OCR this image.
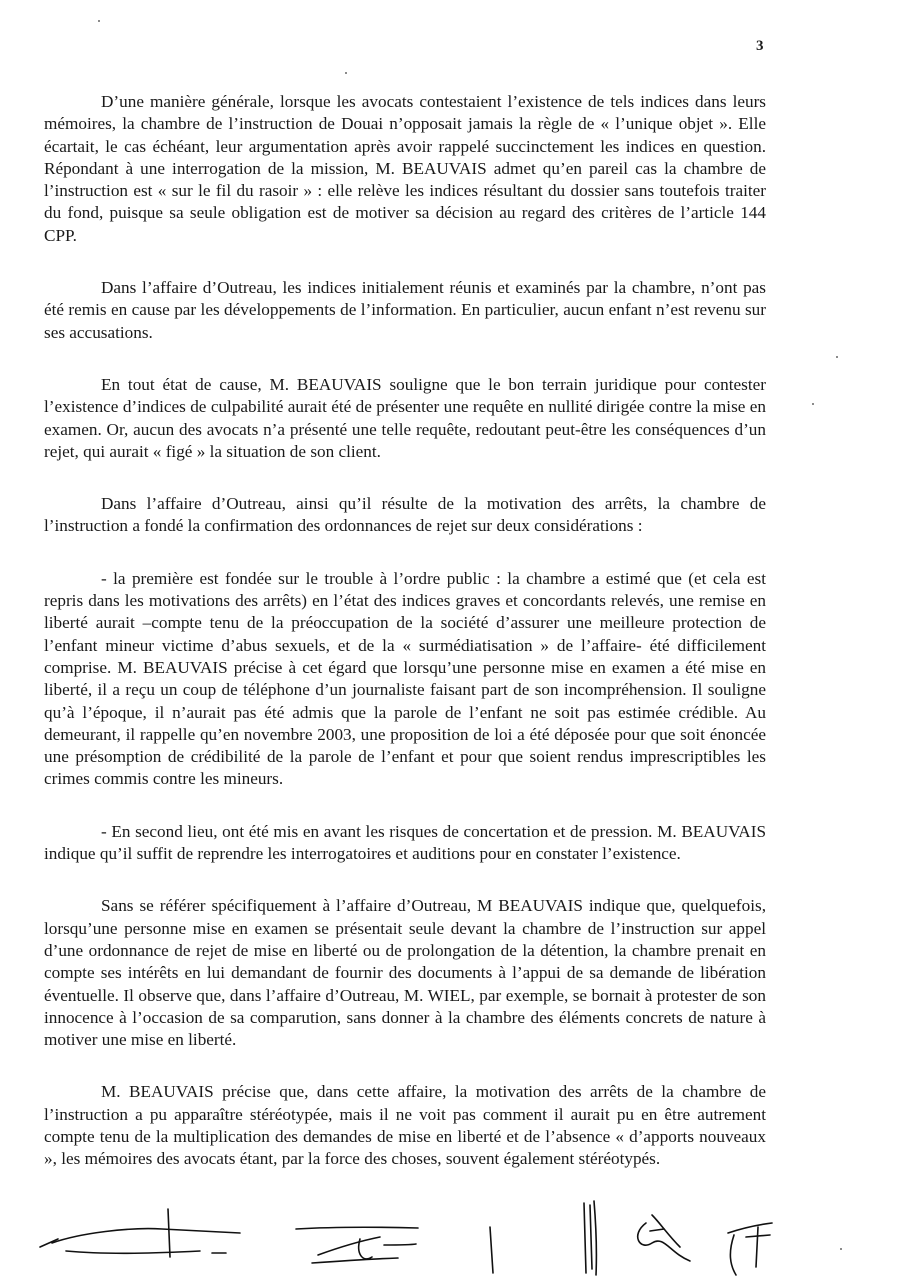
3

D’une manière générale, lorsque les avocats contestaient l’existence de tels indices dans leurs mémoires, la chambre de l’instruction de Douai n’opposait jamais la règle de « l’unique objet ». Elle écartait, le cas échéant, leur argumentation après avoir rappelé succinctement les indices en question. Répondant à une interrogation de la mission, M. BEAUVAIS admet qu’en pareil cas la chambre de l’instruction est « sur le fil du rasoir » : elle relève les indices résultant du dossier sans toutefois traiter du fond, puisque sa seule obligation est de motiver sa décision au regard des critères de l’article 144 CPP.

Dans l’affaire d’Outreau, les indices initialement réunis et examinés par la chambre, n’ont pas été remis en cause par les développements de l’information. En particulier, aucun enfant n’est revenu sur ses accusations.

En tout état de cause, M. BEAUVAIS souligne que le bon terrain juridique pour contester l’existence d’indices de culpabilité aurait été de présenter une requête en nullité dirigée contre la mise en examen. Or, aucun des avocats n’a présenté une telle requête, redoutant peut-être les conséquences d’un rejet, qui aurait « figé » la situation de son client.

Dans l’affaire d’Outreau, ainsi qu’il résulte de la motivation des arrêts, la chambre de l’instruction a fondé la confirmation des ordonnances de rejet sur deux considérations :

- la première est fondée sur le trouble à l’ordre public : la chambre a estimé que (et cela est repris dans les motivations des arrêts) en l’état des indices graves et concordants relevés, une remise en liberté aurait –compte tenu de la préoccupation de la société d’assurer une meilleure protection de l’enfant mineur victime d’abus sexuels, et de la « surmédiatisation » de l’affaire- été difficilement comprise. M. BEAUVAIS précise à cet égard que lorsqu’une personne mise en examen a été mise en liberté, il a reçu un coup de téléphone d’un journaliste faisant part de son incompréhension. Il souligne qu’à l’époque, il n’aurait pas été admis que la parole de l’enfant ne soit pas estimée crédible. Au demeurant, il rappelle qu’en novembre 2003, une proposition de loi a été déposée pour que soit énoncée une présomption de crédibilité de la parole de l’enfant et pour que soient rendus imprescriptibles les crimes commis contre les mineurs.

- En second lieu, ont été mis en avant les risques de concertation et de pression. M. BEAUVAIS indique qu’il suffit de reprendre les interrogatoires et auditions pour en constater l’existence.

Sans se référer spécifiquement à l’affaire d’Outreau, M BEAUVAIS indique que, quelquefois, lorsqu’une personne mise en examen se présentait seule devant la chambre de l’instruction sur appel d’une ordonnance de rejet de mise en liberté ou de prolongation de la détention, la chambre prenait en compte ses intérêts en lui demandant de fournir des documents à l’appui de sa demande de libération éventuelle. Il observe que, dans l’affaire d’Outreau, M. WIEL, par exemple, se bornait à protester de son innocence à l’occasion de sa comparution, sans donner à la chambre des éléments concrets de nature à motiver une mise en liberté.

M. BEAUVAIS précise que, dans cette affaire, la motivation des arrêts de la chambre de l’instruction a pu apparaître stéréotypée, mais il ne voit pas comment il aurait pu en être autrement compte tenu de la multiplication des demandes de mise en liberté et de l’absence « d’apports nouveaux », les mémoires des avocats étant, par la force des choses, souvent également stéréotypés.
